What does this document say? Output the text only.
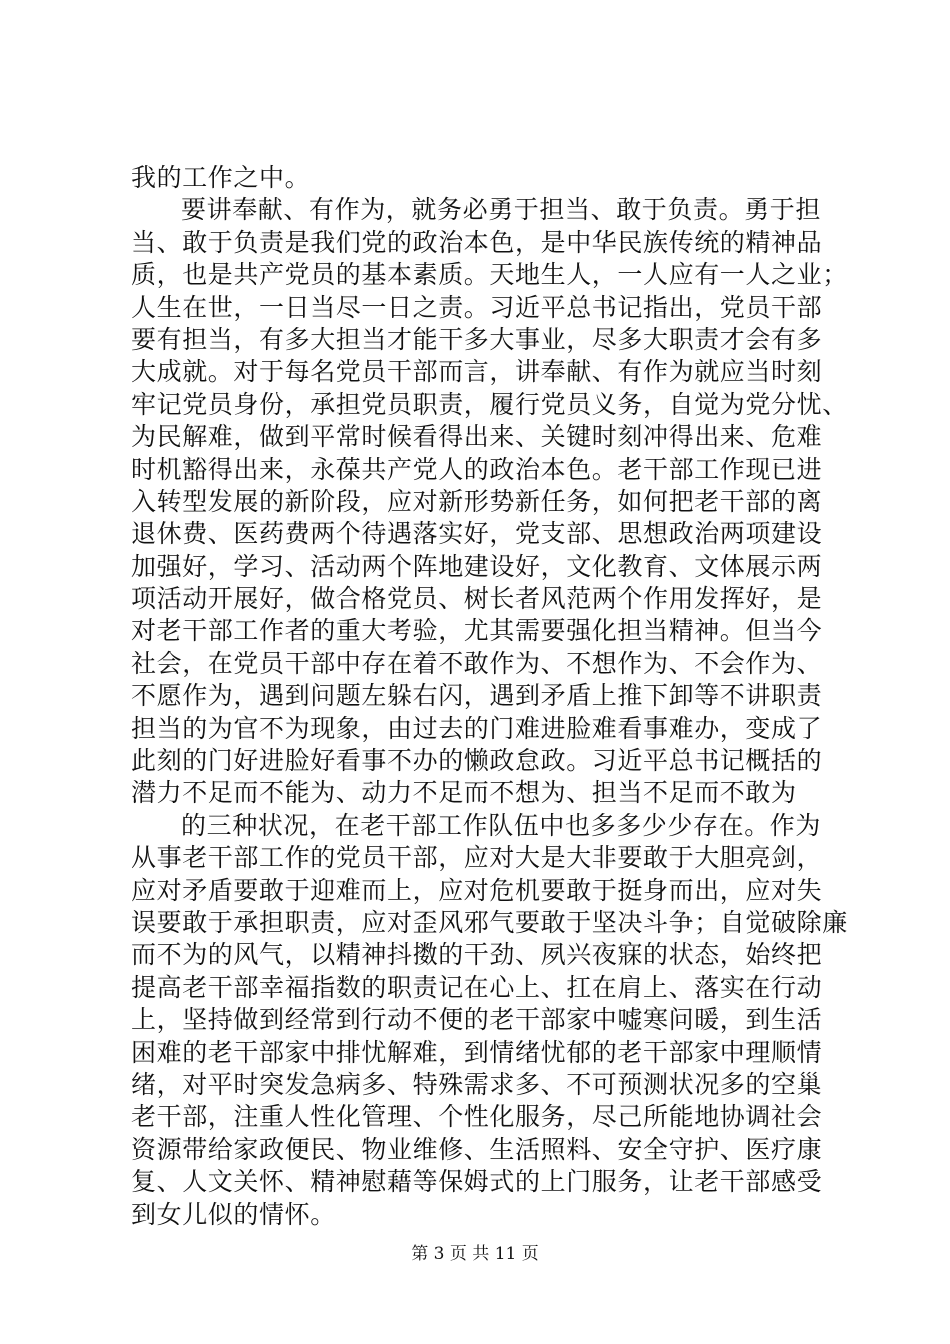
我的工作之中。
要讲奉献、有作为，就务必勇于担当、敢于负责。勇于担
当、敢于负责是我们党的政治本色，是中华民族传统的精神品
质，也是共产党员的基本素质。天地生人，一人应有一人之业；
人生在世，一日当尽一日之责。习近平总书记指出，党员干部
要有担当，有多大担当才能干多大事业，尽多大职责才会有多
大成就。对于每名党员干部而言，讲奉献、有作为就应当时刻
牢记党员身份，承担党员职责，履行党员义务，自觉为党分忧、
为民解难，做到平常时候看得出来、关键时刻冲得出来、危难
时机豁得出来，永葆共产党人的政治本色。老干部工作现已进
入转型发展的新阶段，应对新形势新任务，如何把老干部的离
退休费、医药费两个待遇落实好，党支部、思想政治两项建设
加强好，学习、活动两个阵地建设好，文化教育、文体展示两
项活动开展好，做合格党员、树长者风范两个作用发挥好，是
对老干部工作者的重大考验，尤其需要强化担当精神。但当今
社会，在党员干部中存在着不敢作为、不想作为、不会作为、
不愿作为，遇到问题左躲右闪，遇到矛盾上推下卸等不讲职责
担当的为官不为现象，由过去的门难进脸难看事难办，变成了
此刻的门好进脸好看事不办的懒政怠政。习近平总书记概括的
潜力不足而不能为、动力不足而不想为、担当不足而不敢为
的三种状况，在老干部工作队伍中也多多少少存在。作为
从事老干部工作的党员干部，应对大是大非要敢于大胆亮剑，
应对矛盾要敢于迎难而上，应对危机要敢于挺身而出，应对失
误要敢于承担职责，应对歪风邪气要敢于坚决斗争；自觉破除廉
而不为的风气，以精神抖擞的干劲、夙兴夜寐的状态，始终把
提高老干部幸福指数的职责记在心上、扛在肩上、落实在行动
上，坚持做到经常到行动不便的老干部家中嘘寒问暖，到生活
困难的老干部家中排忧解难，到情绪忧郁的老干部家中理顺情
绪，对平时突发急病多、特殊需求多、不可预测状况多的空巢
老干部，注重人性化管理、个性化服务，尽己所能地协调社会
资源带给家政便民、物业维修、生活照料、安全守护、医疗康
复、人文关怀、精神慰藉等保姆式的上门服务，让老干部感受
到女儿似的情怀。
第 3 页 共 11 页
